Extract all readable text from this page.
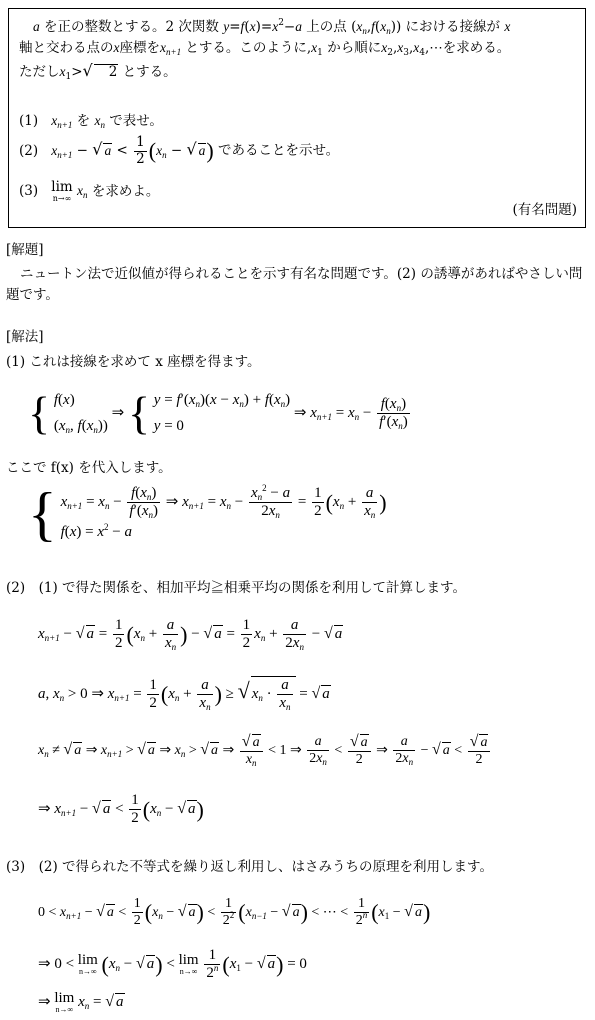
a を正の整数とする。2 次関数 $y=f(x)=x^2-a$ 上の点 $(x_n,f(x_n))$ における接線が x
軸と交わる点のx座標を$x_{n+1}$ とする。このように$,x_1$ から順に$x_2,x_3,x_4,\cdots$を求める。
ただし$x_1>√$ 2 とする。

(1) $x_{n+1}$ を $x_n$ で表せ。
(2) $x_{n+1}$ − √ $a < \frac{1}{2} (x_n$ − √ a) であることを示せ。
(3) lim
n→∞ $x_n$ を求めよ。
(有名問題)
[解題]
ニュートン法で近似値が得られることを示す有名な問題です。(2) の誘導があればやさしい問題です。
[解法]
(1) これは接線を求めて x 座標を得ます。
{ f(x)
($x_n$, $f(x_n)$) ⇒ { $y = f'(x_n)(x - x_n) + f(x_n)$
y = 0 ⇒ $x_{n+1} = x_n - \frac{f(x_n)}{f'(x_n)}$
ここで f(x) を代入します。
{ $x_{n+1} = x_n - \frac{f(x_n)}{f'(x_n)}$ ⇒ $x_{n+1} = x_n - \frac{x_n^2 - a}{2x_n} = \frac{1}{2} (x_n + \frac{a}{x_n}$ )
$f(x) = x^2 - a$
(2)　(1) で得た関係を、相加平均≧相乗平均の関係を利用して計算します。
$x_{n+1}$ − √ $a = \frac{1}{2} (x_n + \frac{a}{x_n}$ ) − √ $a = \frac{1}{2} x_n + \frac{a}{2x_n}$ − √ a
a, $x_n > 0$ ⇒ $x_{n+1} = \frac{1}{2} (x_n + \frac{a}{x_n}$ ) ≥ √ $x_n \cdot \frac{a}{x_n}$ = √ a
$x_n$ ≠ √ a ⇒ $x_{n+1}$ > √ a ⇒ $x_n$ > √ a ⇒ $\frac{√ a}{x_n} < 1$ ⇒ $\frac{a}{2x_n} < \frac{√ a}{2}$ ⇒ $\frac{a}{2x_n}$ − √ $a < \frac{√ a}{2}$
⇒ $x_{n+1}$ − √ $a < \frac{1}{2} (x_n$ − √ a)
(3)　(2) で得られた不等式を繰り返し利用し、はさみうちの原理を利用します。
$0 < x_{n+1}$ − √ $a < \frac{1}{2} (x_n$ − √ $a) < \frac{1}{2^2} (x_{n-1}$ − √ a) < ⋯ < $\frac{1}{2^n} (x_1$ − √ a)
⇒ 0 < lim
n→∞ ($x_n$ − √ a) < lim
n→∞
$\frac{1}{2^n} (x_1$ − √ a) = 0
⇒ lim
n→∞ $x_n$ = √ a
